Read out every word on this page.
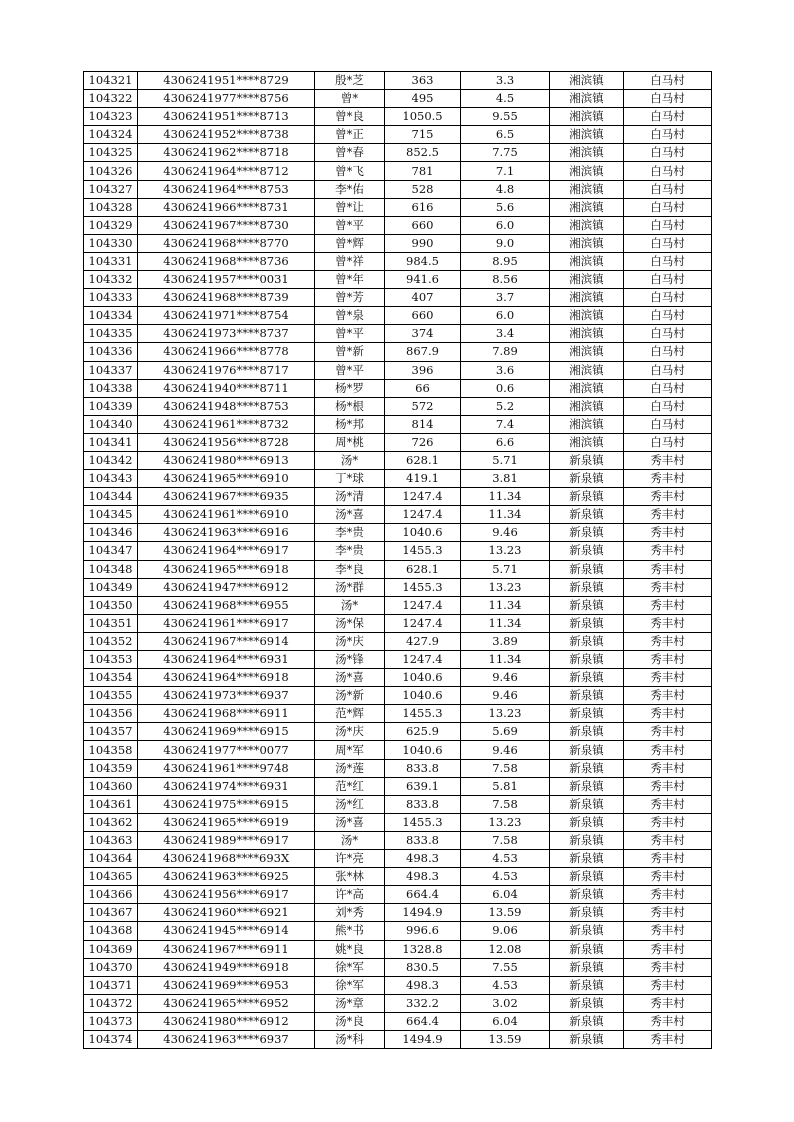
104321	4306241951****8729	殷*芝	363	3.3	湘滨镇	白马村
104322	4306241977****8756	曾*	495	4.5	湘滨镇	白马村
104323	4306241951****8713	曾*良	1050.5	9.55	湘滨镇	白马村
104324	4306241952****8738	曾*正	715	6.5	湘滨镇	白马村
104325	4306241962****8718	曾*春	852.5	7.75	湘滨镇	白马村
104326	4306241964****8712	曾*飞	781	7.1	湘滨镇	白马村
104327	4306241964****8753	李*佑	528	4.8	湘滨镇	白马村
104328	4306241966****8731	曾*让	616	5.6	湘滨镇	白马村
104329	4306241967****8730	曾*平	660	6.0	湘滨镇	白马村
104330	4306241968****8770	曾*辉	990	9.0	湘滨镇	白马村
104331	4306241968****8736	曾*祥	984.5	8.95	湘滨镇	白马村
104332	4306241957****0031	曾*年	941.6	8.56	湘滨镇	白马村
104333	4306241968****8739	曾*芳	407	3.7	湘滨镇	白马村
104334	4306241971****8754	曾*泉	660	6.0	湘滨镇	白马村
104335	4306241973****8737	曾*平	374	3.4	湘滨镇	白马村
104336	4306241966****8778	曾*新	867.9	7.89	湘滨镇	白马村
104337	4306241976****8717	曾*平	396	3.6	湘滨镇	白马村
104338	4306241940****8711	杨*罗	66	0.6	湘滨镇	白马村
104339	4306241948****8753	杨*根	572	5.2	湘滨镇	白马村
104340	4306241961****8732	杨*邦	814	7.4	湘滨镇	白马村
104341	4306241956****8728	周*桃	726	6.6	湘滨镇	白马村
104342	4306241980****6913	汤*	628.1	5.71	新泉镇	秀丰村
104343	4306241965****6910	丁*球	419.1	3.81	新泉镇	秀丰村
104344	4306241967****6935	汤*清	1247.4	11.34	新泉镇	秀丰村
104345	4306241961****6910	汤*喜	1247.4	11.34	新泉镇	秀丰村
104346	4306241963****6916	李*贵	1040.6	9.46	新泉镇	秀丰村
104347	4306241964****6917	李*贵	1455.3	13.23	新泉镇	秀丰村
104348	4306241965****6918	李*良	628.1	5.71	新泉镇	秀丰村
104349	4306241947****6912	汤*群	1455.3	13.23	新泉镇	秀丰村
104350	4306241968****6955	汤*	1247.4	11.34	新泉镇	秀丰村
104351	4306241961****6917	汤*保	1247.4	11.34	新泉镇	秀丰村
104352	4306241967****6914	汤*庆	427.9	3.89	新泉镇	秀丰村
104353	4306241964****6931	汤*锋	1247.4	11.34	新泉镇	秀丰村
104354	4306241964****6918	汤*喜	1040.6	9.46	新泉镇	秀丰村
104355	4306241973****6937	汤*新	1040.6	9.46	新泉镇	秀丰村
104356	4306241968****6911	范*辉	1455.3	13.23	新泉镇	秀丰村
104357	4306241969****6915	汤*庆	625.9	5.69	新泉镇	秀丰村
104358	4306241977****0077	周*军	1040.6	9.46	新泉镇	秀丰村
104359	4306241961****9748	汤*莲	833.8	7.58	新泉镇	秀丰村
104360	4306241974****6931	范*红	639.1	5.81	新泉镇	秀丰村
104361	4306241975****6915	汤*红	833.8	7.58	新泉镇	秀丰村
104362	4306241965****6919	汤*喜	1455.3	13.23	新泉镇	秀丰村
104363	4306241989****6917	汤*	833.8	7.58	新泉镇	秀丰村
104364	4306241968****693X	许*亮	498.3	4.53	新泉镇	秀丰村
104365	4306241963****6925	张*林	498.3	4.53	新泉镇	秀丰村
104366	4306241956****6917	许*高	664.4	6.04	新泉镇	秀丰村
104367	4306241960****6921	刘*秀	1494.9	13.59	新泉镇	秀丰村
104368	4306241945****6914	熊*书	996.6	9.06	新泉镇	秀丰村
104369	4306241967****6911	姚*良	1328.8	12.08	新泉镇	秀丰村
104370	4306241949****6918	徐*军	830.5	7.55	新泉镇	秀丰村
104371	4306241969****6953	徐*军	498.3	4.53	新泉镇	秀丰村
104372	4306241965****6952	汤*章	332.2	3.02	新泉镇	秀丰村
104373	4306241980****6912	汤*良	664.4	6.04	新泉镇	秀丰村
104374	4306241963****6937	汤*科	1494.9	13.59	新泉镇	秀丰村
